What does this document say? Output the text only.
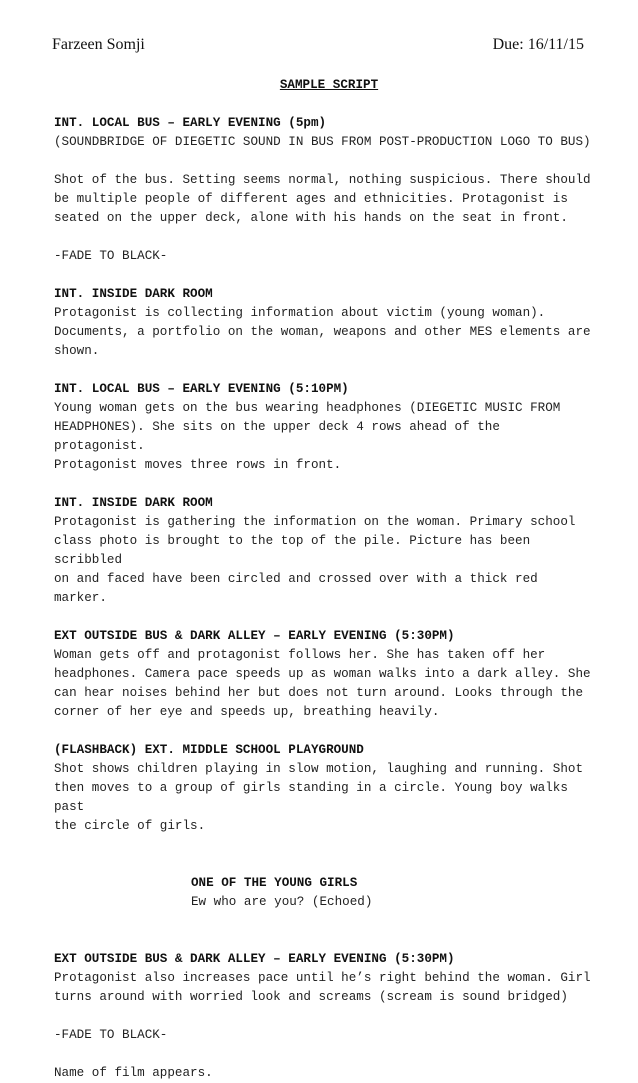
Farzeen Somji	Due: 16/11/15
SAMPLE SCRIPT

INT. LOCAL BUS – EARLY EVENING (5pm)

(SOUNDBRIDGE OF DIEGETIC SOUND IN BUS FROM POST-PRODUCTION LOGO TO BUS)

Shot of the bus. Setting seems normal, nothing suspicious. There should
be multiple people of different ages and ethnicities. Protagonist is
seated on the upper deck, alone with his hands on the seat in front.

-FADE TO BLACK-

INT. INSIDE DARK ROOM

Protagonist is collecting information about victim (young woman).
Documents, a portfolio on the woman, weapons and other MES elements are
shown.

INT. LOCAL BUS – EARLY EVENING (5:10PM)

Young woman gets on the bus wearing headphones (DIEGETIC MUSIC FROM
HEADPHONES). She sits on the upper deck 4 rows ahead of the protagonist.
Protagonist moves three rows in front.

INT. INSIDE DARK ROOM

Protagonist is gathering the information on the woman. Primary school
class photo is brought to the top of the pile. Picture has been scribbled
on and faced have been circled and crossed over with a thick red marker.

EXT OUTSIDE BUS & DARK ALLEY – EARLY EVENING (5:30PM)

Woman gets off and protagonist follows her. She has taken off her
headphones. Camera pace speeds up as woman walks into a dark alley. She
can hear noises behind her but does not turn around. Looks through the
corner of her eye and speeds up, breathing heavily.

(FLASHBACK) EXT. MIDDLE SCHOOL PLAYGROUND

Shot shows children playing in slow motion, laughing and running. Shot
then moves to a group of girls standing in a circle. Young boy walks past
the circle of girls.

ONE OF THE YOUNG GIRLS

Ew who are you? (Echoed)

EXT OUTSIDE BUS & DARK ALLEY – EARLY EVENING (5:30PM)

Protagonist also increases pace until he’s right behind the woman. Girl
turns around with worried look and screams (scream is sound bridged)

-FADE TO BLACK-

Name of film appears.
